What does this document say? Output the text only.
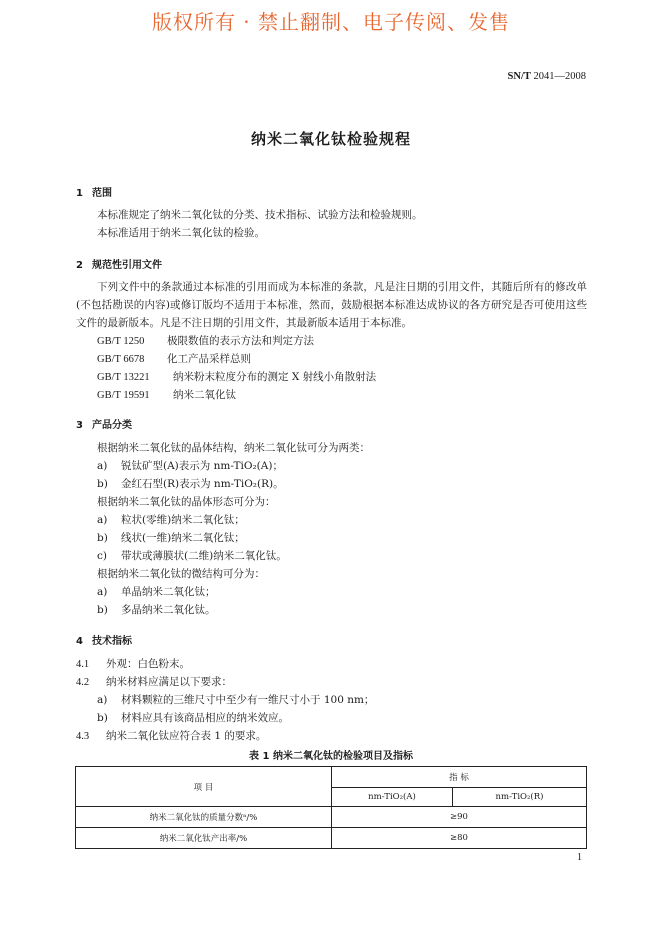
版权所有 · 禁止翻制、电子传阅、发售
SN/T 2041—2008
纳米二氧化钛检验规程
1 范围
本标准规定了纳米二氧化钛的分类、技术指标、试验方法和检验规则。
本标准适用于纳米二氧化钛的检验。
2 规范性引用文件
下列文件中的条款通过本标准的引用而成为本标准的条款，凡是注日期的引用文件，其随后所有的修改单(不包括勘误的内容)或修订版均不适用于本标准，然而，鼓励根据本标准达成协议的各方研究是否可使用这些文件的最新版本。凡是不注日期的引用文件，其最新版本适用于本标准。
GB/T 1250 极限数值的表示方法和判定方法
GB/T 6678 化工产品采样总则
GB/T 13221 纳米粉末粒度分布的测定 X 射线小角散射法
GB/T 19591 纳米二氧化钛
3 产品分类
根据纳米二氧化钛的晶体结构，纳米二氧化钛可分为两类：
a) 锐钛矿型(A)表示为 nm-TiO₂(A)；
b) 金红石型(R)表示为 nm-TiO₂(R)。
根据纳米二氧化钛的晶体形态可分为：
a) 粒状(零维)纳米二氧化钛；
b) 线状(一维)纳米二氧化钛；
c) 带状或薄膜状(二维)纳米二氧化钛。
根据纳米二氧化钛的微结构可分为：
a) 单晶纳米二氧化钛；
b) 多晶纳米二氧化钛。
4 技术指标
4.1 外观：白色粉末。
4.2 纳米材料应满足以下要求：
a) 材料颗粒的三维尺寸中至少有一维尺寸小于 100 nm；
b) 材料应具有该商品相应的纳米效应。
4.3 纳米二氧化钛应符合表 1 的要求。
表 1 纳米二氧化钛的检验项目及指标
项 目	指 标	
	nm-TiO₂(A)	nm-TiO₂(R)
纳米二氧化钛的质量分数ᵃ/%	≥90	
纳米二氧化钛产出率/%	≥80	
1
